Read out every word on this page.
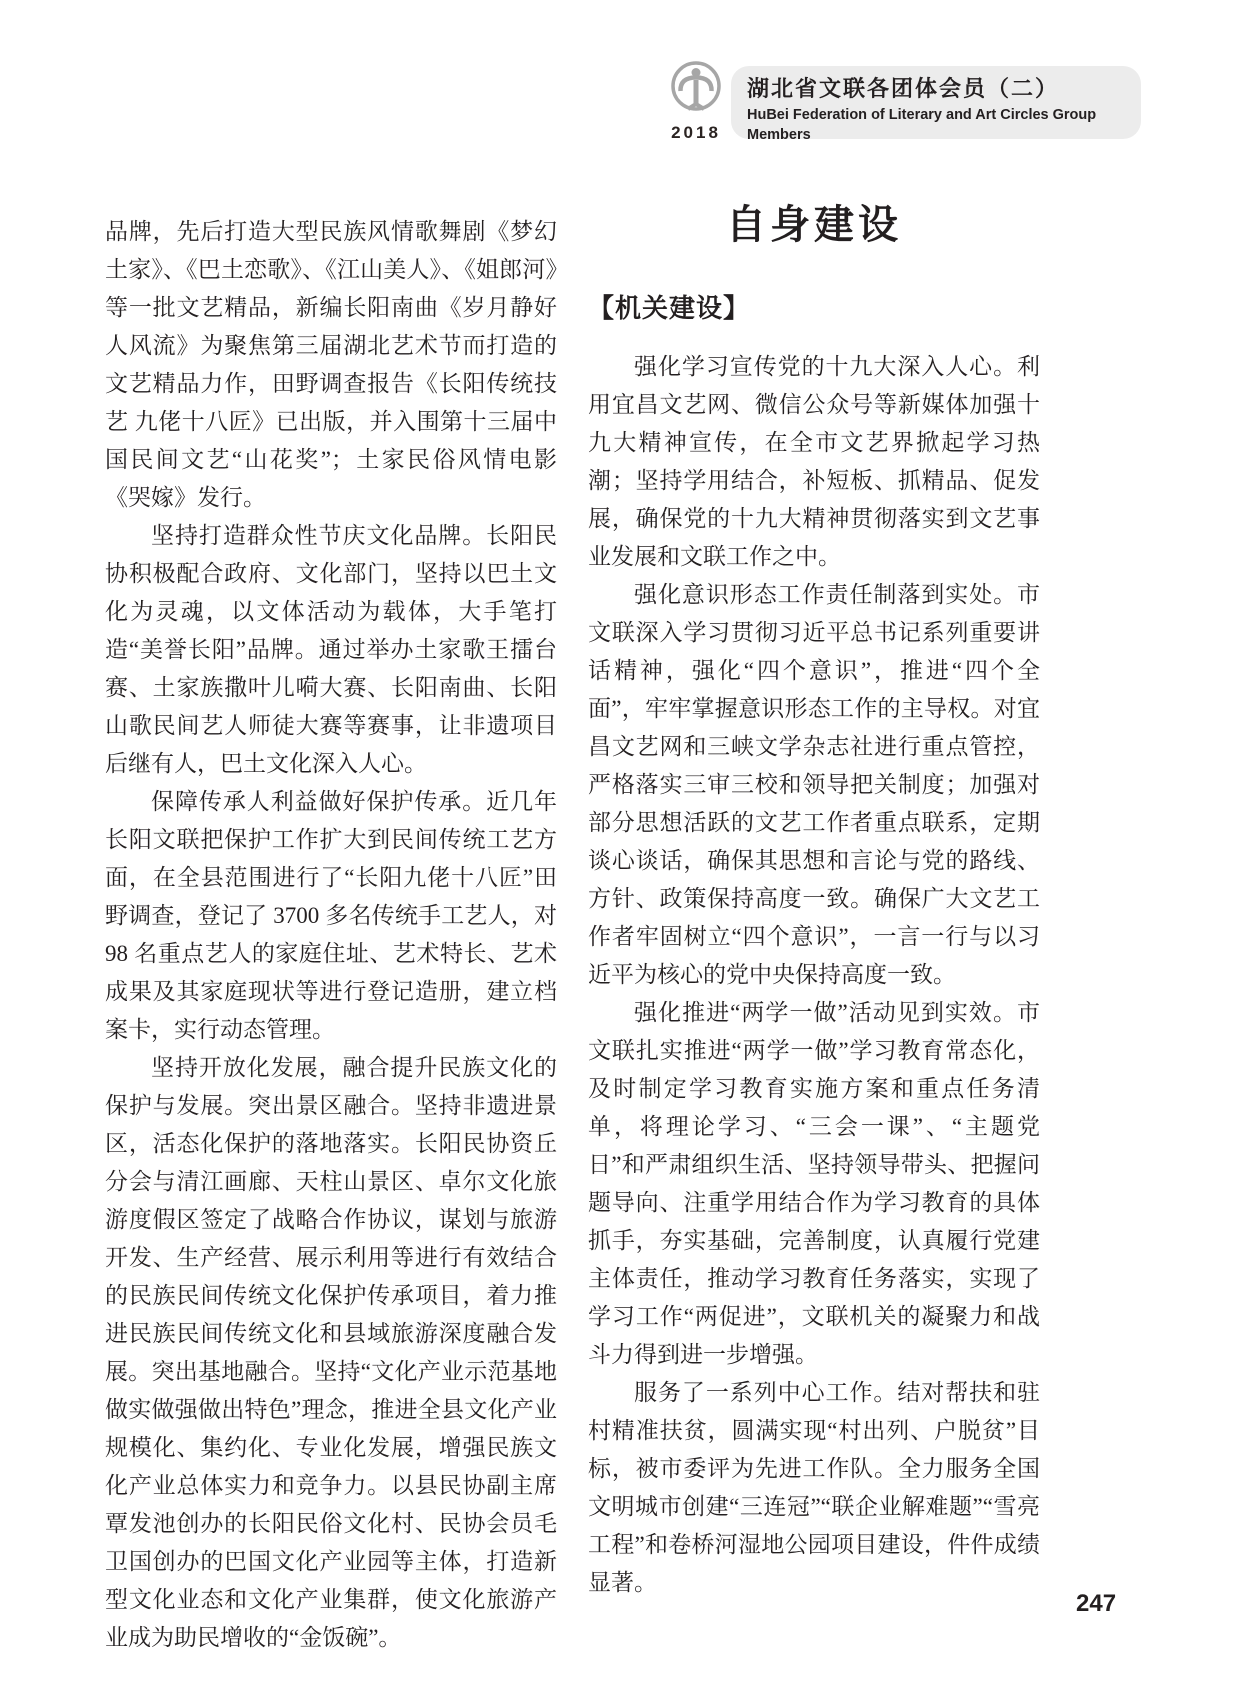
2018
湖北省文联各团体会员（二）
HuBei Federation of Literary and Art Circles Group Members

品牌，先后打造大型民族风情歌舞剧《梦幻土家》、《巴土恋歌》、《江山美人》、《姐郎河》等一批文艺精品，新编长阳南曲《岁月静好人风流》为聚焦第三届湖北艺术节而打造的文艺精品力作，田野调查报告《长阳传统技艺 九佬十八匠》已出版，并入围第十三届中国民间文艺“山花奖”；土家民俗风情电影《哭嫁》发行。

坚持打造群众性节庆文化品牌。长阳民协积极配合政府、文化部门，坚持以巴土文化为灵魂，以文体活动为载体，大手笔打造“美誉长阳”品牌。通过举办土家歌王擂台赛、土家族撒叶儿嗬大赛、长阳南曲、长阳山歌民间艺人师徒大赛等赛事，让非遗项目后继有人，巴土文化深入人心。

保障传承人利益做好保护传承。近几年长阳文联把保护工作扩大到民间传统工艺方面，在全县范围进行了“长阳九佬十八匠”田野调查，登记了 3700 多名传统手工艺人，对 98 名重点艺人的家庭住址、艺术特长、艺术成果及其家庭现状等进行登记造册，建立档案卡，实行动态管理。

坚持开放化发展，融合提升民族文化的保护与发展。突出景区融合。坚持非遗进景区，活态化保护的落地落实。长阳民协资丘分会与清江画廊、天柱山景区、卓尔文化旅游度假区签定了战略合作协议，谋划与旅游开发、生产经营、展示利用等进行有效结合的民族民间传统文化保护传承项目，着力推进民族民间传统文化和县域旅游深度融合发展。突出基地融合。坚持“文化产业示范基地做实做强做出特色”理念，推进全县文化产业规模化、集约化、专业化发展，增强民族文化产业总体实力和竞争力。以县民协副主席覃发池创办的长阳民俗文化村、民协会员毛卫国创办的巴国文化产业园等主体，打造新型文化业态和文化产业集群，使文化旅游产业成为助民增收的“金饭碗”。

自身建设
【机关建设】

强化学习宣传党的十九大深入人心。利用宜昌文艺网、微信公众号等新媒体加强十九大精神宣传，在全市文艺界掀起学习热潮；坚持学用结合，补短板、抓精品、促发展，确保党的十九大精神贯彻落实到文艺事业发展和文联工作之中。

强化意识形态工作责任制落到实处。市文联深入学习贯彻习近平总书记系列重要讲话精神，强化“四个意识”，推进“四个全面”，牢牢掌握意识形态工作的主导权。对宜昌文艺网和三峡文学杂志社进行重点管控，严格落实三审三校和领导把关制度；加强对部分思想活跃的文艺工作者重点联系，定期谈心谈话，确保其思想和言论与党的路线、方针、政策保持高度一致。确保广大文艺工作者牢固树立“四个意识”，一言一行与以习近平为核心的党中央保持高度一致。

强化推进“两学一做”活动见到实效。市文联扎实推进“两学一做”学习教育常态化，及时制定学习教育实施方案和重点任务清单，将理论学习、“三会一课”、“主题党日”和严肃组织生活、坚持领导带头、把握问题导向、注重学用结合作为学习教育的具体抓手，夯实基础，完善制度，认真履行党建主体责任，推动学习教育任务落实，实现了学习工作“两促进”，文联机关的凝聚力和战斗力得到进一步增强。

服务了一系列中心工作。结对帮扶和驻村精准扶贫，圆满实现“村出列、户脱贫”目标，被市委评为先进工作队。全力服务全国文明城市创建“三连冠”“联企业解难题”“雪亮工程”和卷桥河湿地公园项目建设，件件成绩显著。

247
